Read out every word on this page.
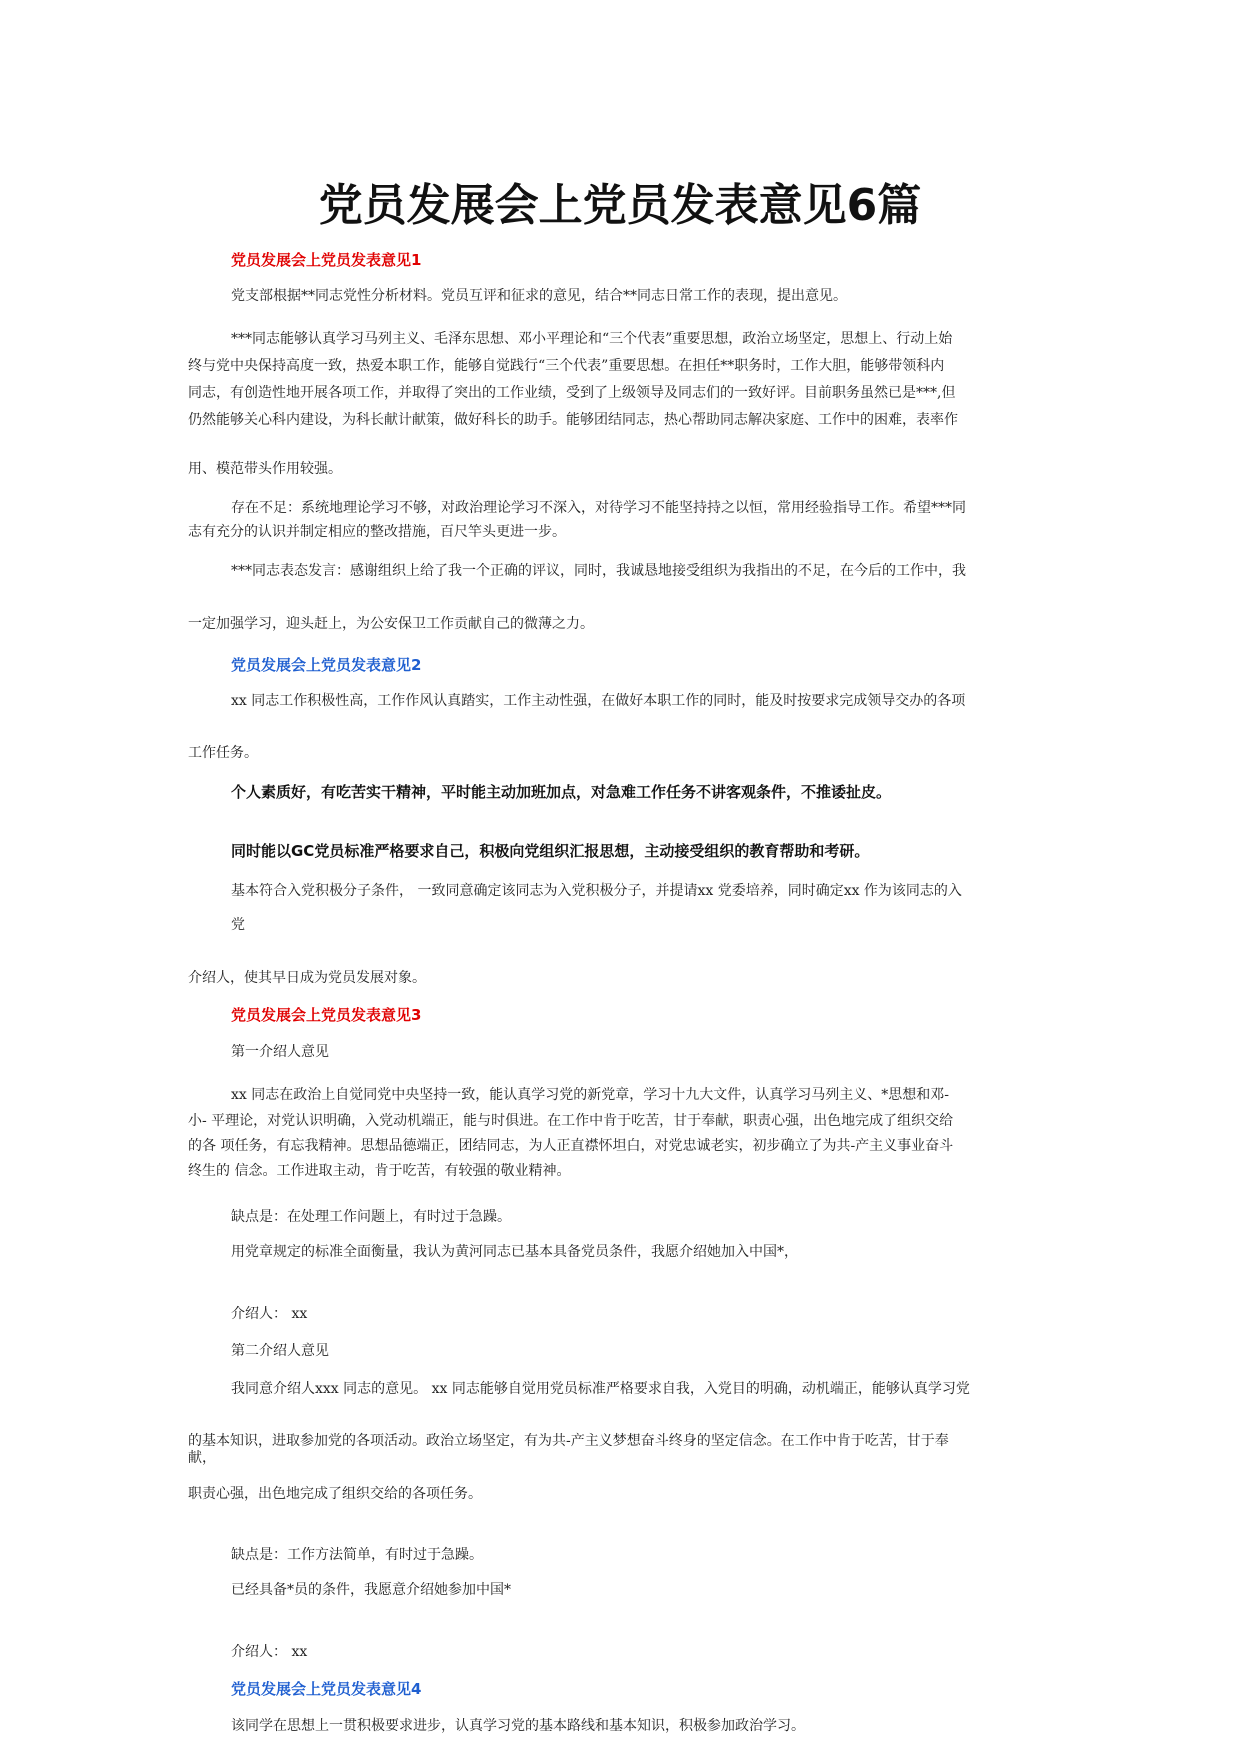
党员发展会上党员发表意见6篇
党员发展会上党员发表意见1
党支部根据**同志党性分析材料。党员互评和征求的意见，结合**同志日常工作的表现，提出意见。
***同志能够认真学习马列主义、毛泽东思想、邓小平理论和“三个代表”重要思想，政治立场坚定，思想上、行动上始
终与党中央保持高度一致，热爱本职工作，能够自觉践行“三个代表”重要思想。在担任**职务时，工作大胆，能够带领科内
同志，有创造性地开展各项工作，并取得了突出的工作业绩，受到了上级领导及同志们的一致好评。目前职务虽然已是***,但
仍然能够关心科内建设，为科长献计献策，做好科长的助手。能够团结同志，热心帮助同志解决家庭、工作中的困难，表率作
用、模范带头作用较强。
存在不足：系统地理论学习不够，对政治理论学习不深入，对待学习不能坚持持之以恒，常用经验指导工作。希望***同
志有充分的认识并制定相应的整改措施，百尺竿头更进一步。
***同志表态发言：感谢组织上给了我一个正确的评议，同时，我诚恳地接受组织为我指出的不足，在今后的工作中，我
一定加强学习，迎头赶上，为公安保卫工作贡献自己的微薄之力。
党员发展会上党员发表意见2
xx 同志工作积极性高，工作作风认真踏实，工作主动性强，在做好本职工作的同时，能及时按要求完成领导交办的各项
工作任务。
个人素质好，有吃苦实干精神，平时能主动加班加点，对急难工作任务不讲客观条件，不推诿扯皮。
同时能以GC党员标准严格要求自己，积极向党组织汇报思想，主动接受组织的教育帮助和考研。
基本符合入党积极分子条件， 一致同意确定该同志为入党积极分子，并提请xx 党委培养，同时确定xx 作为该同志的入
党
介绍人，使其早日成为党员发展对象。
党员发展会上党员发表意见3
第一介绍人意见
xx 同志在政治上自觉同党中央坚持一致，能认真学习党的新党章，学习十九大文件，认真学习马列主义、*思想和邓-
小- 平理论，对党认识明确，入党动机端正，能与时俱进。在工作中肯于吃苦，甘于奉献，职责心强，出色地完成了组织交给
的各 项任务，有忘我精神。思想品德端正，团结同志，为人正直襟怀坦白，对党忠诚老实，初步确立了为共-产主义事业奋斗
终生的 信念。工作进取主动，肯于吃苦，有较强的敬业精神。
缺点是：在处理工作问题上，有时过于急躁。
用党章规定的标准全面衡量，我认为黄河同志已基本具备党员条件，我愿介绍她加入中国*，
介绍人： xx
第二介绍人意见
我同意介绍人xxx 同志的意见。 xx 同志能够自觉用党员标准严格要求自我，入党目的明确，动机端正，能够认真学习党
的基本知识，进取参加党的各项活动。政治立场坚定，有为共-产主义梦想奋斗终身的坚定信念。在工作中肯于吃苦，甘于奉
献，
职责心强，出色地完成了组织交给的各项任务。
缺点是：工作方法简单，有时过于急躁。
已经具备*员的条件，我愿意介绍她参加中国*
介绍人： xx
党员发展会上党员发表意见4
该同学在思想上一贯积极要求进步，认真学习党的基本路线和基本知识，积极参加政治学习。
